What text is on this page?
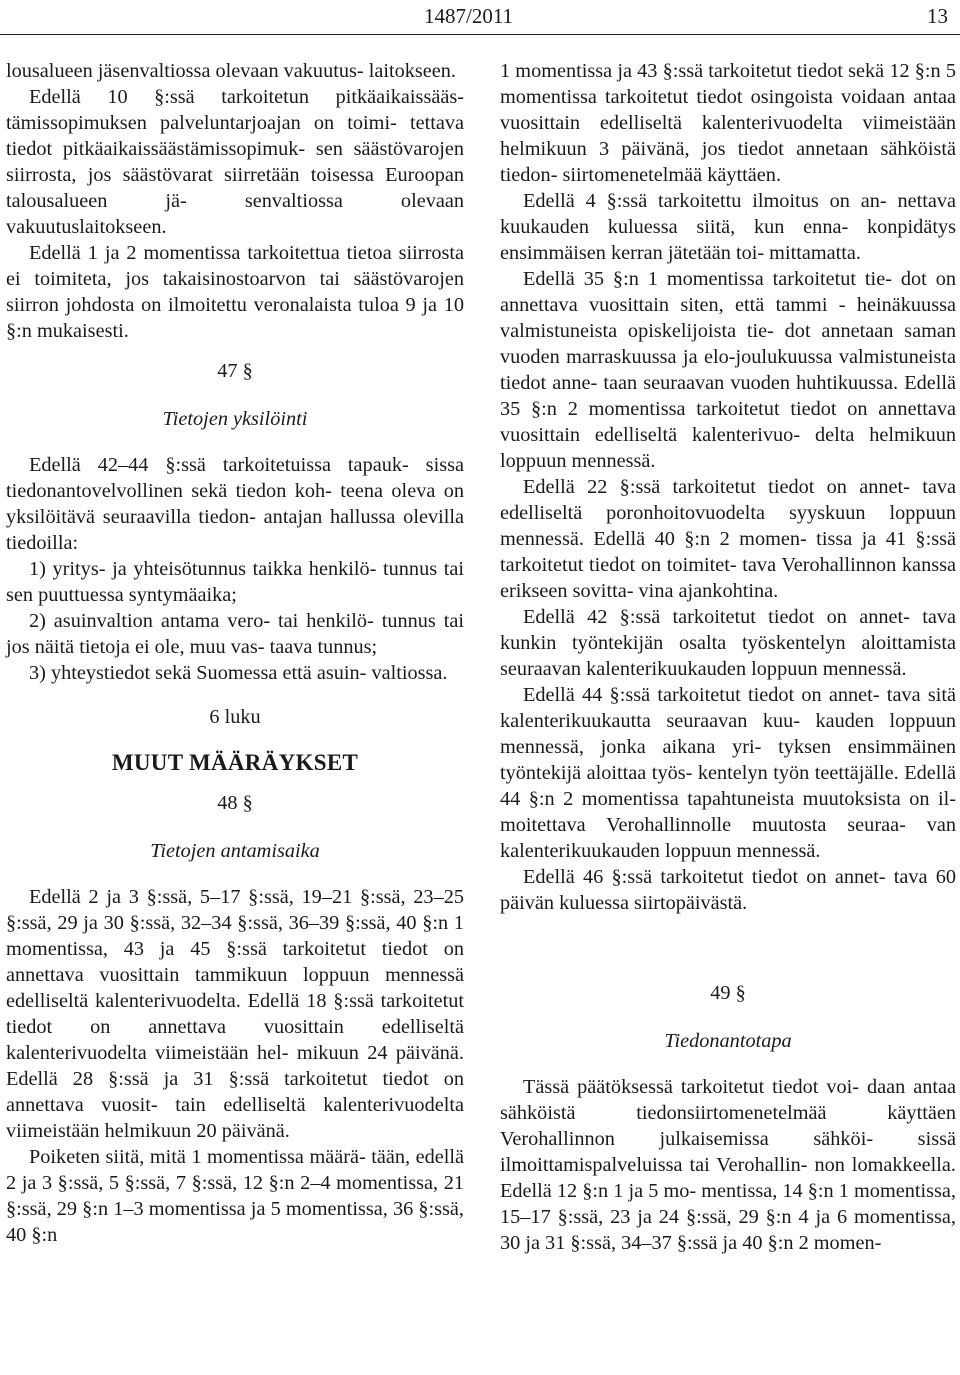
1487/2011	13

lousalueen jäsenvaltiossa olevaan vakuutus- laitokseen.

Edellä 10 §:ssä tarkoitetun pitkäaikaissääs- tämissopimuksen palveluntarjoajan on toimi- tettava tiedot pitkäaikaissäästämissopimuk- sen säästövarojen siirrosta, jos säästövarat siirretään toisessa Euroopan talousalueen jä- senvaltiossa olevaan vakuutuslaitokseen.

Edellä 1 ja 2 momentissa tarkoitettua tietoa siirrosta ei toimiteta, jos takaisinostoarvon tai säästövarojen siirron johdosta on ilmoitettu veronalaista tuloa 9 ja 10 §:n mukaisesti.

47 §
Tietojen yksilöinti

Edellä 42–44 §:ssä tarkoitetuissa tapauk- sissa tiedonantovelvollinen sekä tiedon koh- teena oleva on yksilöitävä seuraavilla tiedon- antajan hallussa olevilla tiedoilla:

1) yritys- ja yhteisötunnus taikka henkilö- tunnus tai sen puuttuessa syntymäaika;

2) asuinvaltion antama vero- tai henkilö- tunnus tai jos näitä tietoja ei ole, muu vas- taava tunnus;

3) yhteystiedot sekä Suomessa että asuin- valtiossa.

6 luku
MUUT MÄÄRÄYKSET
48 §
Tietojen antamisaika

Edellä 2 ja 3 §:ssä, 5–17 §:ssä, 19–21 §:ssä, 23–25 §:ssä, 29 ja 30 §:ssä, 32–34 §:ssä, 36–39 §:ssä, 40 §:n 1 momentissa, 43 ja 45 §:ssä tarkoitetut tiedot on annettava vuosittain tammikuun loppuun mennessä edelliseltä kalenterivuodelta. Edellä 18 §:ssä tarkoitetut tiedot on annettava vuosittain edelliseltä kalenterivuodelta viimeistään hel- mikuun 24 päivänä. Edellä 28 §:ssä ja 31 §:ssä tarkoitetut tiedot on annettava vuosit- tain edelliseltä kalenterivuodelta viimeistään helmikuun 20 päivänä.

Poiketen siitä, mitä 1 momentissa määrä- tään, edellä 2 ja 3 §:ssä, 5 §:ssä, 7 §:ssä, 12 §:n 2–4 momentissa, 21 §:ssä, 29 §:n 1–3 momentissa ja 5 momentissa, 36 §:ssä, 40 §:n

1 momentissa ja 43 §:ssä tarkoitetut tiedot sekä 12 §:n 5 momentissa tarkoitetut tiedot osingoista voidaan antaa vuosittain edelliseltä kalenterivuodelta viimeistään helmikuun 3 päivänä, jos tiedot annetaan sähköistä tiedon- siirtomenetelmää käyttäen.

Edellä 4 §:ssä tarkoitettu ilmoitus on an- nettava kuukauden kuluessa siitä, kun enna- konpidätys ensimmäisen kerran jätetään toi- mittamatta.

Edellä 35 §:n 1 momentissa tarkoitetut tie- dot on annettava vuosittain siten, että tammi - heinäkuussa valmistuneista opiskelijoista tie- dot annetaan saman vuoden marraskuussa ja elo-joulukuussa valmistuneista tiedot anne- taan seuraavan vuoden huhtikuussa. Edellä 35 §:n 2 momentissa tarkoitetut tiedot on annettava vuosittain edelliseltä kalenterivuo- delta helmikuun loppuun mennessä.

Edellä 22 §:ssä tarkoitetut tiedot on annet- tava edelliseltä poronhoitovuodelta syyskuun loppuun mennessä. Edellä 40 §:n 2 momen- tissa ja 41 §:ssä tarkoitetut tiedot on toimitet- tava Verohallinnon kanssa erikseen sovitta- vina ajankohtina.

Edellä 42 §:ssä tarkoitetut tiedot on annet- tava kunkin työntekijän osalta työskentelyn aloittamista seuraavan kalenterikuukauden loppuun mennessä.

Edellä 44 §:ssä tarkoitetut tiedot on annet- tava sitä kalenterikuukautta seuraavan kuu- kauden loppuun mennessä, jonka aikana yri- tyksen ensimmäinen työntekijä aloittaa työs- kentelyn työn teettäjälle. Edellä 44 §:n 2 momentissa tapahtuneista muutoksista on il- moitettava Verohallinnolle muutosta seuraa- van kalenterikuukauden loppuun mennessä.

Edellä 46 §:ssä tarkoitetut tiedot on annet- tava 60 päivän kuluessa siirtopäivästä.

49 §
Tiedonantotapa

Tässä päätöksessä tarkoitetut tiedot voi- daan antaa sähköistä tiedonsiirtomenetelmää käyttäen Verohallinnon julkaisemissa sähköi- sissä ilmoittamispalveluissa tai Verohallin- non lomakkeella. Edellä 12 §:n 1 ja 5 mo- mentissa, 14 §:n 1 momentissa, 15–17 §:ssä, 23 ja 24 §:ssä, 29 §:n 4 ja 6 momentissa, 30 ja 31 §:ssä, 34–37 §:ssä ja 40 §:n 2 momen-
